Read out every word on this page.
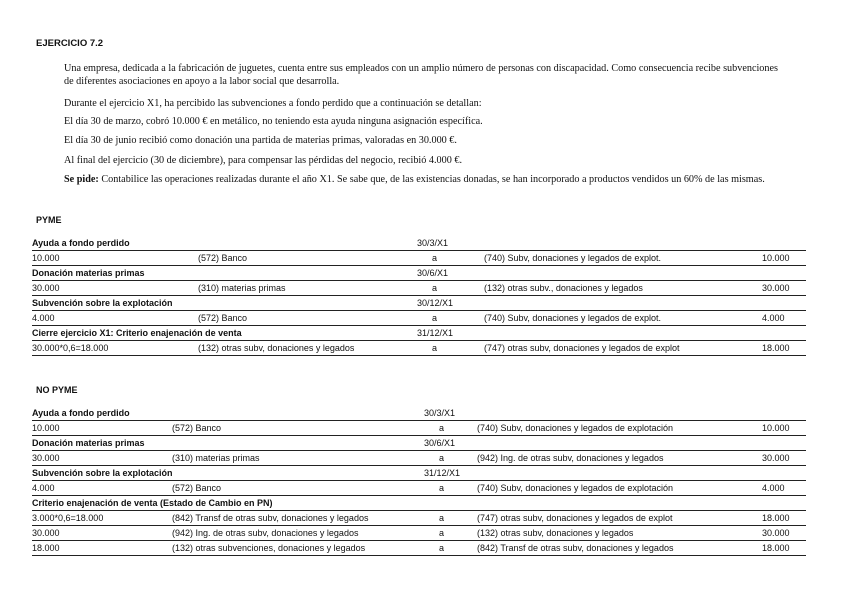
EJERCICIO 7.2
Una empresa, dedicada a la fabricación de juguetes, cuenta entre sus empleados con un amplio número de personas con discapacidad. Como consecuencia recibe subvenciones de diferentes asociaciones en apoyo a la labor social que desarrolla.
Durante el ejercicio X1, ha percibido las subvenciones a fondo perdido que a continuación se detallan:
El día 30 de marzo, cobró 10.000 € en metálico, no teniendo esta ayuda ninguna asignación específica.
El día 30 de junio recibió como donación una partida de materias primas, valoradas en 30.000 €.
Al final del ejercicio (30 de diciembre), para compensar las pérdidas del negocio, recibió 4.000 €.
Se pide: Contabilice las operaciones realizadas durante el año X1. Se sabe que, de las existencias donadas, se han incorporado a productos vendidos un 60% de las mismas.
PYME
Ayuda a fondo perdido	30/3/X1
10.000	(572) Banco	a	(740) Subv, donaciones y legados de explot.	10.000
Donación materias primas	30/6/X1
30.000	(310) materias primas	a	(132) otras subv., donaciones y legados	30.000
Subvención sobre la explotación	30/12/X1
4.000	(572) Banco	a	(740) Subv, donaciones y legados de explot.	4.000
Cierre ejercicio X1: Criterio enajenación de venta	31/12/X1
30.000*0,6=18.000	(132) otras subv, donaciones y legados	a	(747) otras subv, donaciones y legados de explot	18.000
NO PYME
Ayuda a fondo perdido	30/3/X1
10.000	(572) Banco	a	(740) Subv, donaciones y legados de explotación	10.000
Donación materias primas	30/6/X1
30.000	(310) materias primas	a	(942) Ing. de otras subv, donaciones y legados	30.000
Subvención sobre la explotación	31/12/X1
4.000	(572) Banco	a	(740) Subv, donaciones y legados de explotación	4.000
Criterio enajenación de venta (Estado de Cambio en PN)
3.000*0,6=18.000	(842) Transf de otras subv, donaciones y legados	a	(747) otras subv, donaciones y legados de explot	18.000
30.000	(942) Ing. de otras subv, donaciones y legados	a	(132) otras subv, donaciones y legados	30.000
18.000	(132) otras subvenciones, donaciones y legados	a	(842) Transf de otras subv, donaciones y legados	18.000
